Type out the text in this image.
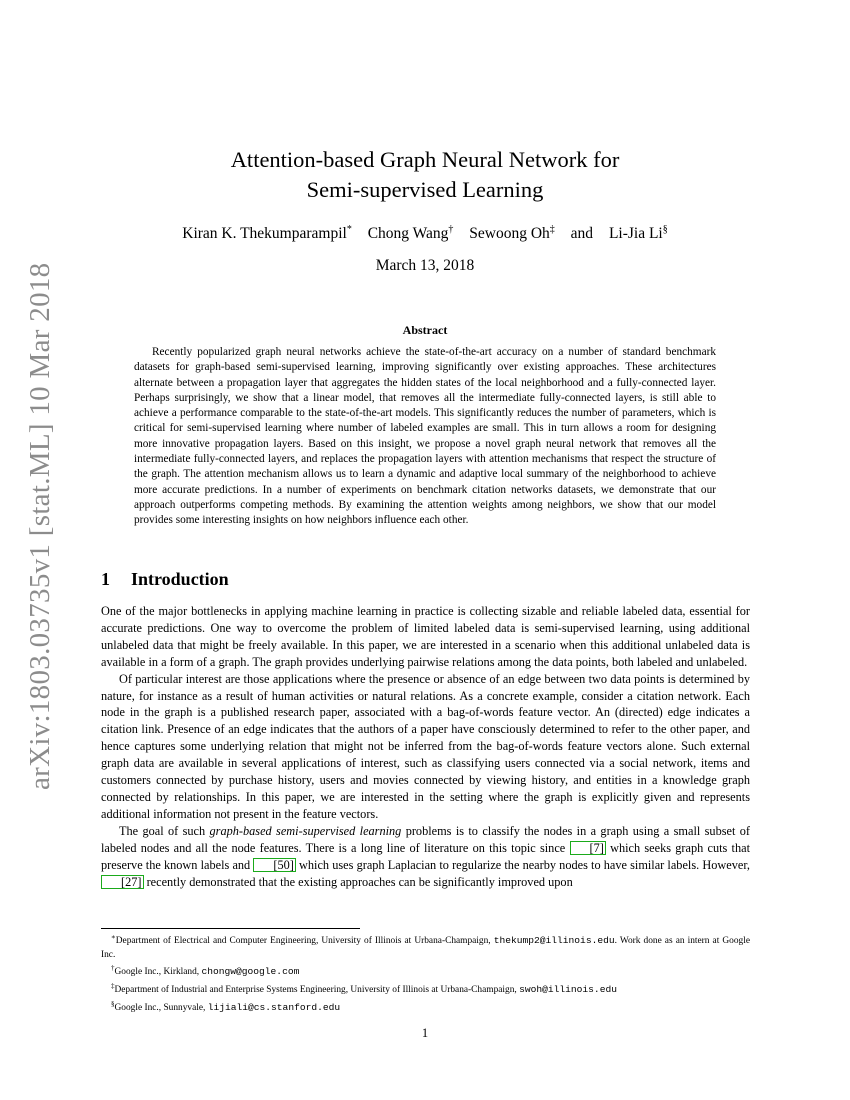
arXiv:1803.03735v1 [stat.ML] 10 Mar 2018
Attention-based Graph Neural Network for
Semi-supervised Learning
Kiran K. Thekumparampil* Chong Wang† Sewoong Oh‡ and Li-Jia Li§
March 13, 2018
Abstract
Recently popularized graph neural networks achieve the state-of-the-art accuracy on a number of standard benchmark datasets for graph-based semi-supervised learning, improving significantly over existing approaches. These architectures alternate between a propagation layer that aggregates the hidden states of the local neighborhood and a fully-connected layer. Perhaps surprisingly, we show that a linear model, that removes all the intermediate fully-connected layers, is still able to achieve a performance comparable to the state-of-the-art models. This significantly reduces the number of parameters, which is critical for semi-supervised learning where number of labeled examples are small. This in turn allows a room for designing more innovative propagation layers. Based on this insight, we propose a novel graph neural network that removes all the intermediate fully-connected layers, and replaces the propagation layers with attention mechanisms that respect the structure of the graph. The attention mechanism allows us to learn a dynamic and adaptive local summary of the neighborhood to achieve more accurate predictions. In a number of experiments on benchmark citation networks datasets, we demonstrate that our approach outperforms competing methods. By examining the attention weights among neighbors, we show that our model provides some interesting insights on how neighbors influence each other.
1 Introduction

One of the major bottlenecks in applying machine learning in practice is collecting sizable and reliable labeled data, essential for accurate predictions. One way to overcome the problem of limited labeled data is semi-supervised learning, using additional unlabeled data that might be freely available. In this paper, we are interested in a scenario when this additional unlabeled data is available in a form of a graph. The graph provides underlying pairwise relations among the data points, both labeled and unlabeled.

Of particular interest are those applications where the presence or absence of an edge between two data points is determined by nature, for instance as a result of human activities or natural relations. As a concrete example, consider a citation network. Each node in the graph is a published research paper, associated with a bag-of-words feature vector. An (directed) edge indicates a citation link. Presence of an edge indicates that the authors of a paper have consciously determined to refer to the other paper, and hence captures some underlying relation that might not be inferred from the bag-of-words feature vectors alone. Such external graph data are available in several applications of interest, such as classifying users connected via a social network, items and customers connected by purchase history, users and movies connected by viewing history, and entities in a knowledge graph connected by relationships. In this paper, we are interested in the setting where the graph is explicitly given and represents additional information not present in the feature vectors.

The goal of such graph-based semi-supervised learning problems is to classify the nodes in a graph using a small subset of labeled nodes and all the node features. There is a long line of literature on this topic since [7] which seeks graph cuts that preserve the known labels and [50] which uses graph Laplacian to regularize the nearby nodes to have similar labels. However, [27] recently demonstrated that the existing approaches can be significantly improved upon

∗Department of Electrical and Computer Engineering, University of Illinois at Urbana-Champaign, thekump2@illinois.edu. Work done as an intern at Google Inc.

†Google Inc., Kirkland, chongw@google.com

‡Department of Industrial and Enterprise Systems Engineering, University of Illinois at Urbana-Champaign, swoh@illinois.edu

§Google Inc., Sunnyvale, lijiali@cs.stanford.edu

1
